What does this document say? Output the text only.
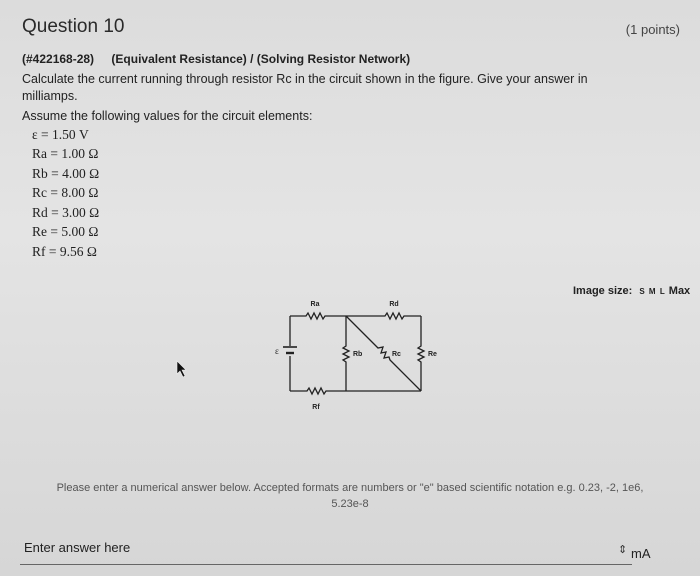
Question 10	(1 points)
(#422168-28) (Equivalent Resistance) / (Solving Resistor Network)
Calculate the current running through resistor Rc in the circuit shown in the figure. Give your answer in
milliamps.
Assume the following values for the circuit elements:
ε = 1.50 V
Ra = 1.00 Ω
Rb = 4.00 Ω
Rc = 8.00 Ω
Rd = 3.00 Ω
Re = 5.00 Ω
Rf = 9.56 Ω
Image size: S M L Max
Ra	Rd
Rb	Rc	Re
Rf
ε
Please enter a numerical answer below. Accepted formats are numbers or "e" based scientific notation e.g. 0.23, -2, 1e6,
5.23e-8
Enter answer here	⇕ mA
